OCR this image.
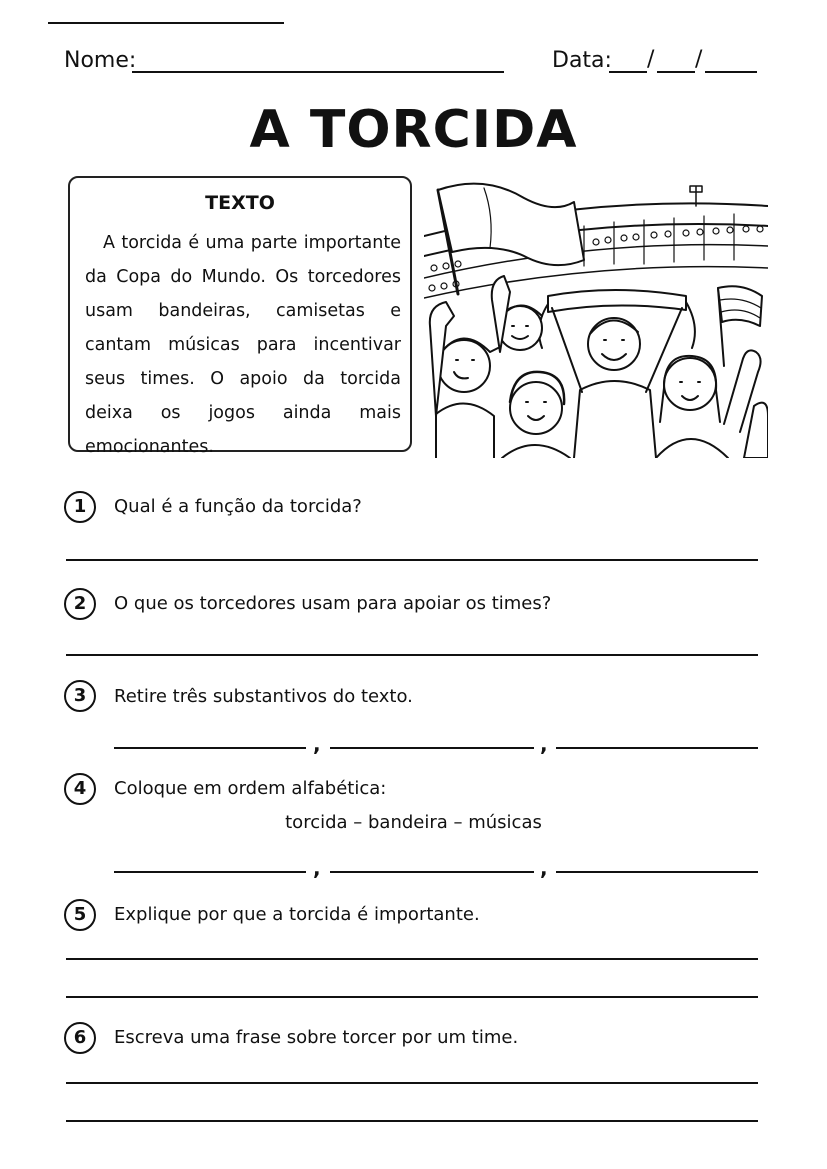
Nome:	Data: / /
A TORCIDA
TEXTO

A torcida é uma parte importante da Copa do Mundo. Os torcedores usam bandeiras, camisetas e cantam músicas para incentivar seus times. O apoio da torcida deixa os jogos ainda mais emocionantes.

1	Qual é a função da torcida?
2	O que os torcedores usam para apoiar os times?
3	Retire três substantivos do texto.
,	,
4	Coloque em ordem alfabética:
torcida – bandeira – músicas
,	,
5	Explique por que a torcida é importante.
6	Escreva uma frase sobre torcer por um time.
